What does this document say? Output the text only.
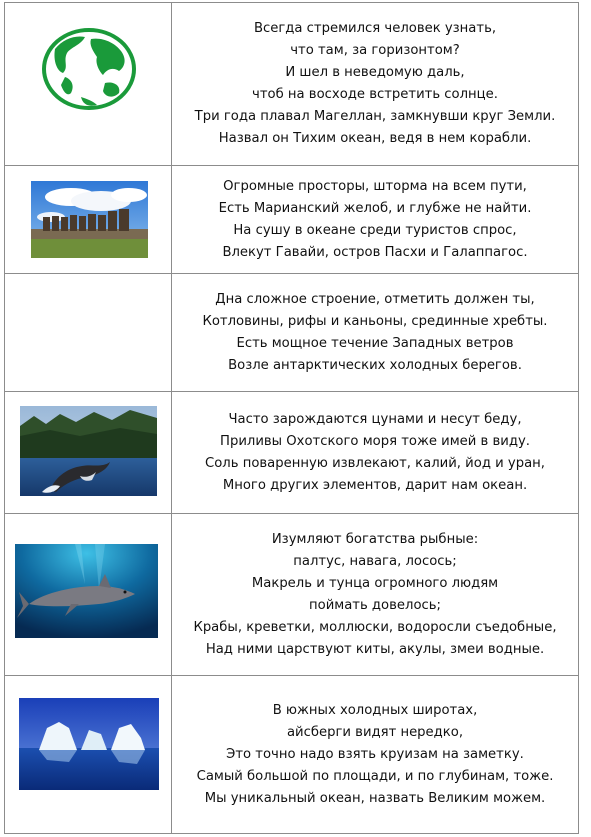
Всегда стремился человек узнать,
что там, за горизонтом?
И шел в неведомую даль,
чтоб на восходе встретить солнце.
Три года плавал Магеллан, замкнувши круг Земли.
Назвал он Тихим океан, ведя в нем корабли.
Огромные просторы, шторма на всем пути,
Есть Марианский желоб, и глубже не найти.
На сушу в океане среди туристов спрос,
Влекут Гавайи, остров Пасхи и Галаппагос.
Дна сложное строение, отметить должен ты,
Котловины, рифы и каньоны, срединные хребты.
Есть мощное течение Западных ветров
Возле антарктических холодных берегов.
Часто зарождаются цунами и несут беду,
Приливы Охотского моря тоже имей в виду.
Соль поваренную извлекают, калий, йод и уран,
Много других элементов, дарит нам океан.
Изумляют богатства рыбные:
палтус, навага, лосось;
Макрель и тунца огромного людям
поймать довелось;
Крабы, креветки, моллюски, водоросли съедобные,
Над ними царствуют киты, акулы, змеи водные.
В южных холодных широтах,
айсберги видят нередко,
Это точно надо взять круизам на заметку.
Самый большой по площади, и по глубинам, тоже.
Мы уникальный океан, назвать Великим можем.
